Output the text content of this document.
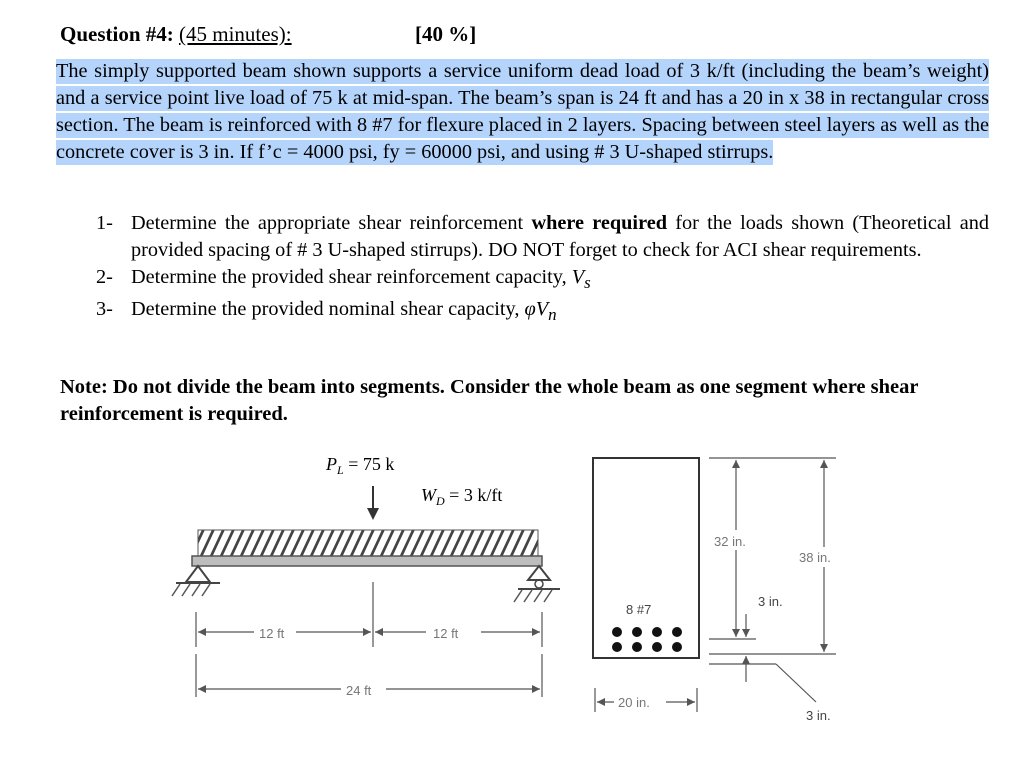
Question #4: (45 minutes):	[40 %]
The simply supported beam shown supports a service uniform dead load of 3 k/ft (including the beam’s weight) and a service point live load of 75 k at mid-span. The beam’s span is 24 ft and has a 20 in x 38 in rectangular cross section. The beam is reinforced with 8 #7 for flexure placed in 2 layers. Spacing between steel layers as well as the concrete cover is 3 in. If f’c = 4000 psi, fy = 60000 psi, and using # 3 U-shaped stirrups.
1- Determine the appropriate shear reinforcement where required for the loads shown (Theoretical and provided spacing of # 3 U-shaped stirrups). DO NOT forget to check for ACI shear requirements.
2- Determine the provided shear reinforcement capacity, $V_s$
3- Determine the provided nominal shear capacity, $\varphi V_n$
Note: Do not divide the beam into segments. Consider the whole beam as one segment where shear reinforcement is required.
$P_L = 75$ k
$W_D = 3$ k/ft
12 ft	12 ft
24 ft
8 #7
20 in.
32 in.
38 in.
3 in.
3 in.
